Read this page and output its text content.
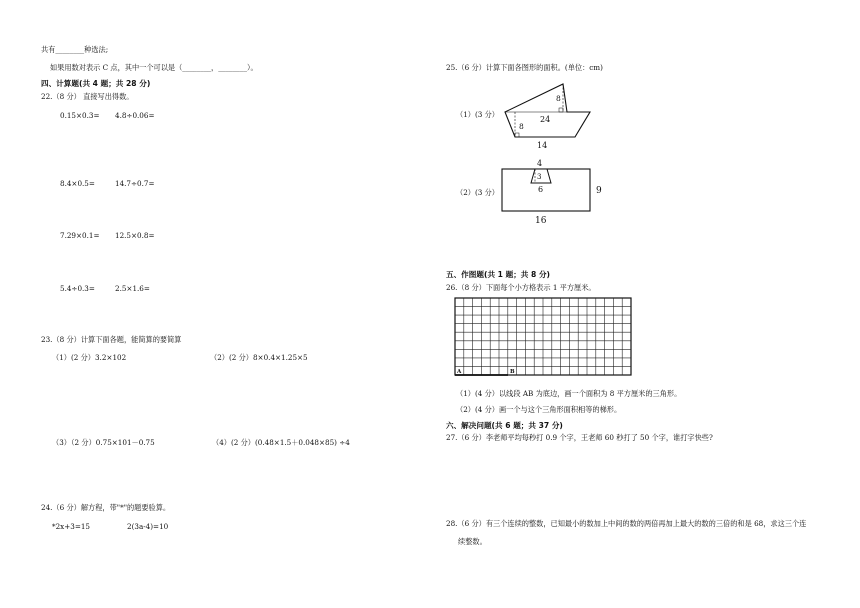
共有________种选法;
如果用数对表示 C 点，其中一个可以是（________，________）。
四、计算题(共 4 题；共 28 分)
22.（8 分） 直接写出得数。
0.15×0.3= 4.8÷0.06=
8.4×0.5=	14.7÷0.7=
7.29×0.1= 12.5×0.8=
5.4÷0.3=	2.5×1.6=
23.（8 分）计算下面各题，能简算的要简算
（1）(2 分）3.2×102	（2）(2 分）8×0.4×1.25×5
（3）（2 分）0.75×101－0.75	（4）(2 分）(0.48×1.5＋0.048×85) ÷4
24.（6 分）解方程，带"*"的题要验算。
*2x+3=15	2(3a-4)=10
25.（6 分）计算下面各图形的面积。(单位：cm)
（1）(3 分）
（2）(3 分）
8
24
8
14
4
3
6	9
16
五、作图题(共 1 题；共 8 分)
26.（8 分）下面每个小方格表示 1 平方厘米。
A	B
（1）(4 分）以线段 AB 为底边，画一个面积为 8 平方厘米的三角形。
（2）(4 分）画一个与这个三角形面积相等的梯形。
六、解决问题(共 6 题；共 37 分)
27.（6 分）李老师平均每秒打 0.9 个字，王老师 60 秒打了 50 个字，谁打字快些?
28.（6 分）有三个连续的整数，已知最小的数加上中间的数的两倍再加上最大的数的三倍的和是 68，求这三个连
续整数。
